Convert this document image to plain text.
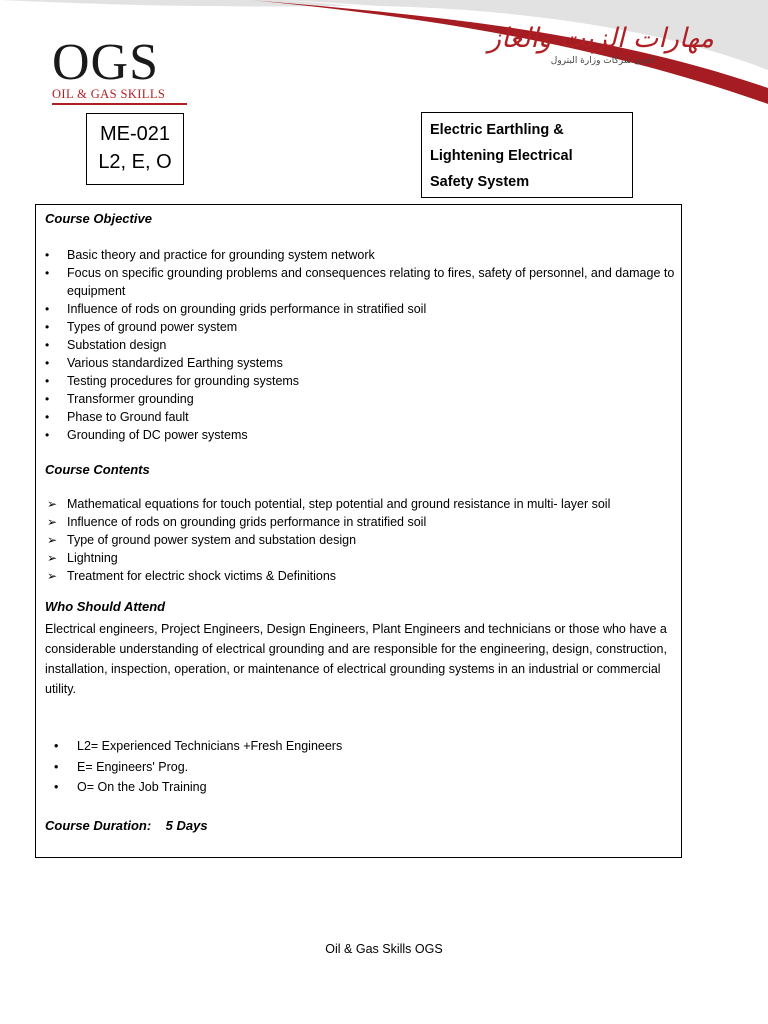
OGS
OIL & GAS SKILLS
مهارات الزيت والغاز
احدى شركات وزارة البترول
ME-021
L2, E, O
Electric Earthling &
Lightening Electrical
Safety System
Course Objective
• Basic theory and practice for grounding system network
• Focus on specific grounding problems and consequences relating to fires, safety of personnel, and damage to equipment
• Influence of rods on grounding grids performance in stratified soil
• Types of ground power system
• Substation design
• Various standardized Earthing systems
• Testing procedures for grounding systems
• Transformer grounding
• Phase to Ground fault
• Grounding of DC power systems
Course Contents
➢ Mathematical equations for touch potential, step potential and ground resistance in multi- layer soil
➢ Influence of rods on grounding grids performance in stratified soil
➢ Type of ground power system and substation design
➢ Lightning
➢ Treatment for electric shock victims & Definitions
Who Should Attend
Electrical engineers, Project Engineers, Design Engineers, Plant Engineers and technicians or those who have a considerable understanding of electrical grounding and are responsible for the engineering, design, construction, installation, inspection, operation, or maintenance of electrical grounding systems in an industrial or commercial utility.
• L2= Experienced Technicians +Fresh Engineers
• E= Engineers' Prog.
• O= On the Job Training
Course Duration: 5 Days
Oil & Gas Skills OGS
